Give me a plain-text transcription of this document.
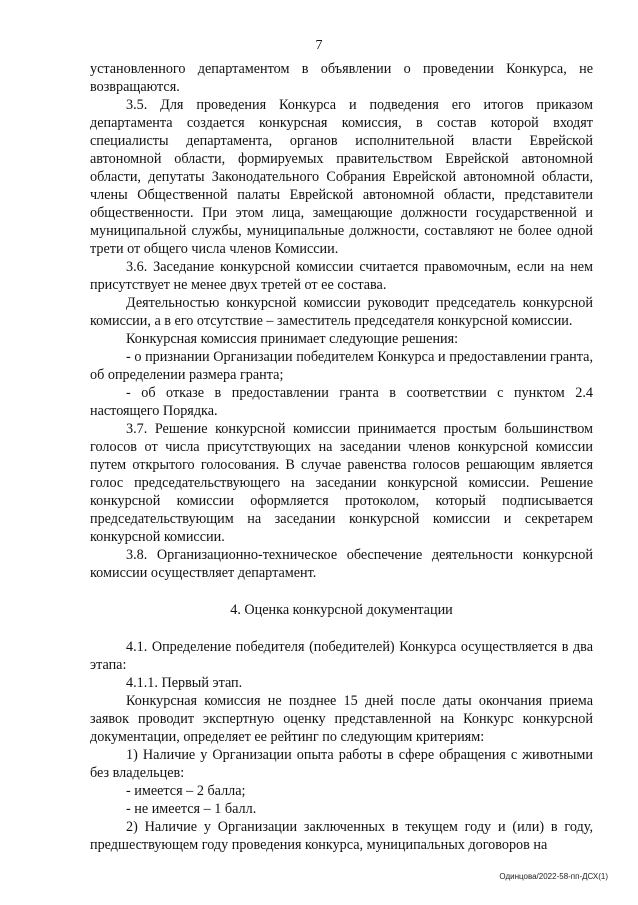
7

установленного департаментом в объявлении о проведении Конкурса, не возвращаются.

3.5. Для проведения Конкурса и подведения его итогов приказом департамента создается конкурсная комиссия, в состав которой входят специалисты департамента, органов исполнительной власти Еврейской автономной области, формируемых правительством Еврейской автономной области, депутаты Законодательного Собрания Еврейской автономной области, члены Общественной палаты Еврейской автономной области, представители общественности. При этом лица, замещающие должности государственной и муниципальной службы, муниципальные должности, составляют не более одной трети от общего числа членов Комиссии.

3.6. Заседание конкурсной комиссии считается правомочным, если на нем присутствует не менее двух третей от ее состава.

Деятельностью конкурсной комиссии руководит председатель конкурсной комиссии, а в его отсутствие – заместитель председателя конкурсной комиссии.

Конкурсная комиссия принимает следующие решения:

- о признании Организации победителем Конкурса и предоставлении гранта, об определении размера гранта;

- об отказе в предоставлении гранта в соответствии с пунктом 2.4 настоящего Порядка.

3.7. Решение конкурсной комиссии принимается простым большинством голосов от числа присутствующих на заседании членов конкурсной комиссии путем открытого голосования. В случае равенства голосов решающим является голос председательствующего на заседании конкурсной комиссии. Решение конкурсной комиссии оформляется протоколом, который подписывается председательствующим на заседании конкурсной комиссии и секретарем конкурсной комиссии.

3.8. Организационно-техническое обеспечение деятельности конкурсной комиссии осуществляет департамент.

4. Оценка конкурсной документации

4.1. Определение победителя (победителей) Конкурса осуществляется в два этапа:

4.1.1. Первый этап.

Конкурсная комиссия не позднее 15 дней после даты окончания приема заявок проводит экспертную оценку представленной на Конкурс конкурсной документации, определяет ее рейтинг по следующим критериям:

1) Наличие у Организации опыта работы в сфере обращения с животными без владельцев:

- имеется – 2 балла;

- не имеется – 1 балл.

2) Наличие у Организации заключенных в текущем году и (или) в году, предшествующем году проведения конкурса, муниципальных договоров на

Одинцова/2022-58-пп-ДСХ(1)
